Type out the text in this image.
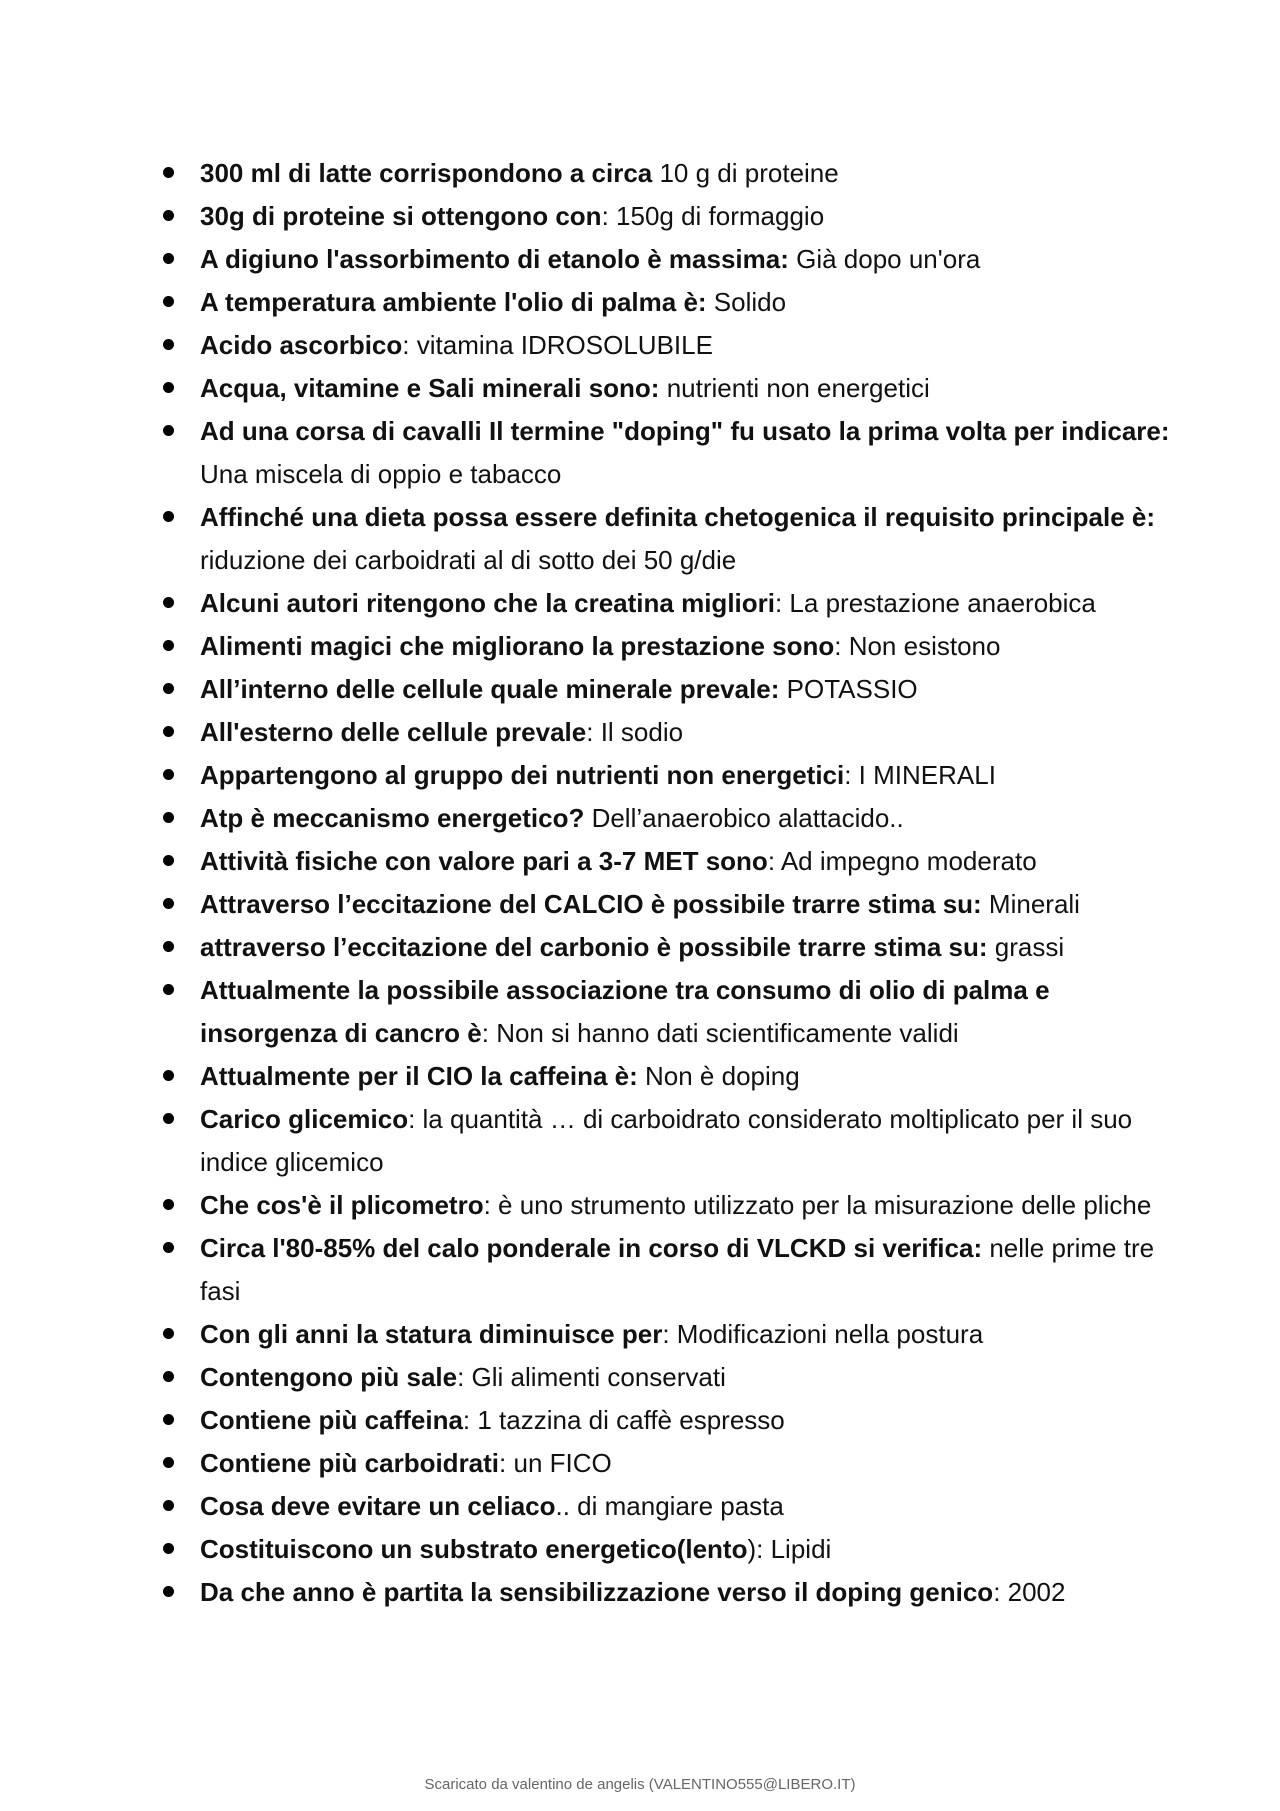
300 ml di latte corrispondono a circa 10 g di proteine
30g di proteine si ottengono con: 150g di formaggio
A digiuno l'assorbimento di etanolo è massima: Già dopo un'ora
A temperatura ambiente l'olio di palma è: Solido
Acido ascorbico: vitamina IDROSOLUBILE
Acqua, vitamine e Sali minerali sono: nutrienti non energetici
Ad una corsa di cavalli Il termine "doping" fu usato la prima volta per indicare: Una miscela di oppio e tabacco
Affinché una dieta possa essere definita chetogenica il requisito principale è: riduzione dei carboidrati al di sotto dei 50 g/die
Alcuni autori ritengono che la creatina migliori: La prestazione anaerobica
Alimenti magici che migliorano la prestazione sono: Non esistono
All’interno delle cellule quale minerale prevale: POTASSIO
All'esterno delle cellule prevale: Il sodio
Appartengono al gruppo dei nutrienti non energetici: I MINERALI
Atp è meccanismo energetico? Dell’anaerobico alattacido..
Attività fisiche con valore pari a 3-7 MET sono: Ad impegno moderato
Attraverso l’eccitazione del CALCIO è possibile trarre stima su: Minerali
attraverso l’eccitazione del carbonio è possibile trarre stima su: grassi
Attualmente la possibile associazione tra consumo di olio di palma e insorgenza di cancro è: Non si hanno dati scientificamente validi
Attualmente per il CIO la caffeina è: Non è doping
Carico glicemico: la quantità … di carboidrato considerato moltiplicato per il suo indice glicemico
Che cos'è il plicometro: è uno strumento utilizzato per la misurazione delle pliche
Circa l'80-85% del calo ponderale in corso di VLCKD si verifica: nelle prime tre fasi
Con gli anni la statura diminuisce per: Modificazioni nella postura
Contengono più sale: Gli alimenti conservati
Contiene più caffeina: 1 tazzina di caffè espresso
Contiene più carboidrati: un FICO
Cosa deve evitare un celiaco.. di mangiare pasta
Costituiscono un substrato energetico(lento): Lipidi
Da che anno è partita la sensibilizzazione verso il doping genico: 2002
Scaricato da valentino de angelis (VALENTINO555@LIBERO.IT)
